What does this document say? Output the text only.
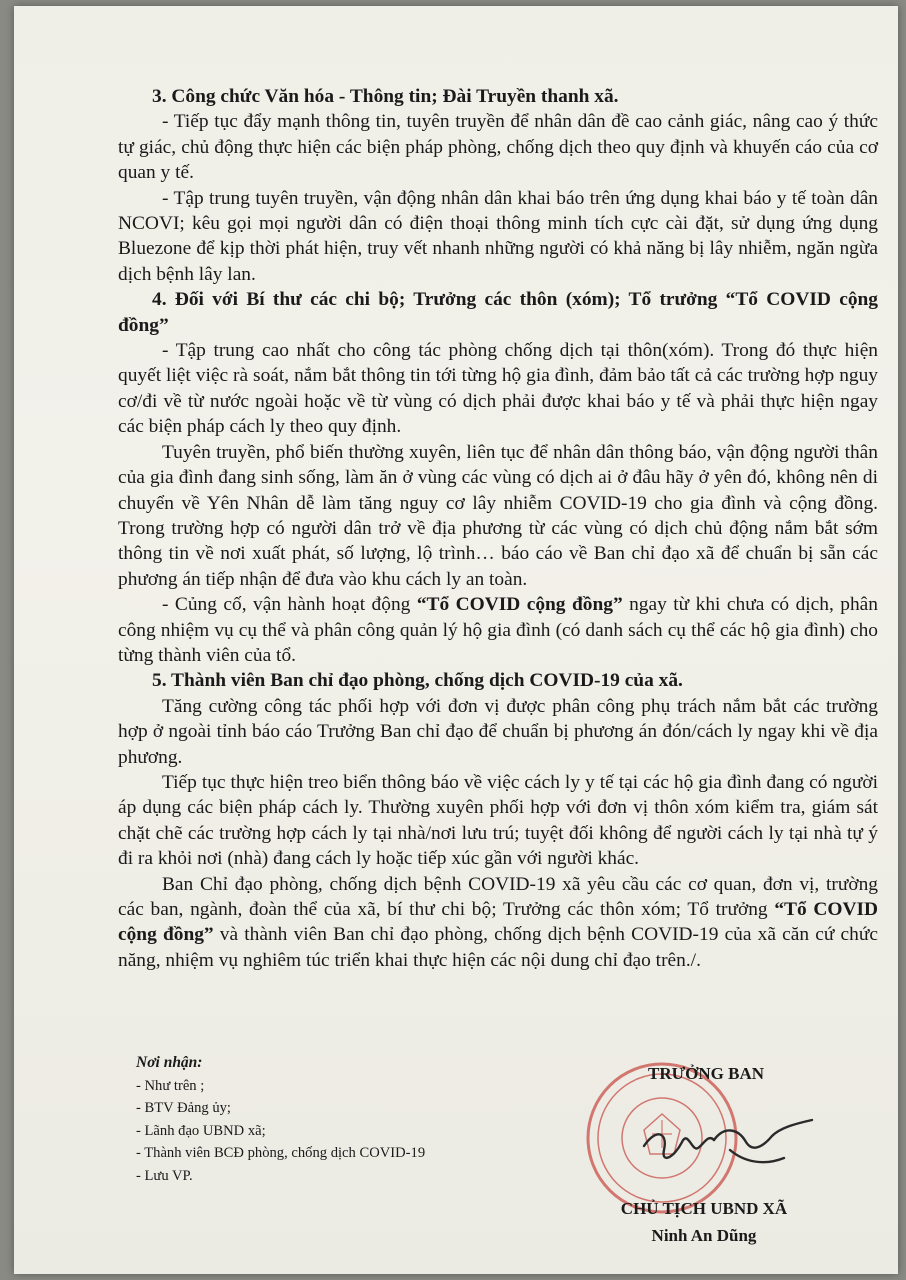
3. Công chức Văn hóa - Thông tin; Đài Truyền thanh xã.

- Tiếp tục đẩy mạnh thông tin, tuyên truyền để nhân dân đề cao cảnh giác, nâng cao ý thức tự giác, chủ động thực hiện các biện pháp phòng, chống dịch theo quy định và khuyến cáo của cơ quan y tế.

- Tập trung tuyên truyền, vận động nhân dân khai báo trên ứng dụng khai báo y tế toàn dân NCOVI; kêu gọi mọi người dân có điện thoại thông minh tích cực cài đặt, sử dụng ứng dụng Bluezone để kịp thời phát hiện, truy vết nhanh những người có khả năng bị lây nhiễm, ngăn ngừa dịch bệnh lây lan.

4. Đối với Bí thư các chi bộ; Trưởng các thôn (xóm); Tổ trưởng “Tổ COVID cộng đồng”

- Tập trung cao nhất cho công tác phòng chống dịch tại thôn(xóm). Trong đó thực hiện quyết liệt việc rà soát, nắm bắt thông tin tới từng hộ gia đình, đảm bảo tất cả các trường hợp nguy cơ/đi về từ nước ngoài hoặc về từ vùng có dịch phải được khai báo y tế và phải thực hiện ngay các biện pháp cách ly theo quy định.

Tuyên truyền, phổ biến thường xuyên, liên tục để nhân dân thông báo, vận động người thân của gia đình đang sinh sống, làm ăn ở vùng các vùng có dịch ai ở đâu hãy ở yên đó, không nên di chuyển về Yên Nhân dễ làm tăng nguy cơ lây nhiễm COVID-19 cho gia đình và cộng đồng. Trong trường hợp có người dân trở về địa phương từ các vùng có dịch chủ động nắm bắt sớm thông tin về nơi xuất phát, số lượng, lộ trình… báo cáo về Ban chỉ đạo xã để chuẩn bị sẵn các phương án tiếp nhận để đưa vào khu cách ly an toàn.

- Củng cố, vận hành hoạt động “Tổ COVID cộng đồng” ngay từ khi chưa có dịch, phân công nhiệm vụ cụ thể và phân công quản lý hộ gia đình (có danh sách cụ thể các hộ gia đình) cho từng thành viên của tổ.

5. Thành viên Ban chỉ đạo phòng, chống dịch COVID-19 của xã.

Tăng cường công tác phối hợp với đơn vị được phân công phụ trách nắm bắt các trường hợp ở ngoài tỉnh báo cáo Trưởng Ban chỉ đạo để chuẩn bị phương án đón/cách ly ngay khi về địa phương.

Tiếp tục thực hiện treo biển thông báo về việc cách ly y tế tại các hộ gia đình đang có người áp dụng các biện pháp cách ly. Thường xuyên phối hợp với đơn vị thôn xóm kiểm tra, giám sát chặt chẽ các trường hợp cách ly tại nhà/nơi lưu trú; tuyệt đối không để người cách ly tại nhà tự ý đi ra khỏi nơi (nhà) đang cách ly hoặc tiếp xúc gần với người khác.

Ban Chỉ đạo phòng, chống dịch bệnh COVID-19 xã yêu cầu các cơ quan, đơn vị, trường các ban, ngành, đoàn thể của xã, bí thư chi bộ; Trưởng các thôn xóm; Tổ trưởng “Tổ COVID cộng đồng” và thành viên Ban chỉ đạo phòng, chống dịch bệnh COVID-19 của xã căn cứ chức năng, nhiệm vụ nghiêm túc triển khai thực hiện các nội dung chỉ đạo trên./.

Nơi nhận:
- Như trên ;
- BTV Đảng ủy;
- Lãnh đạo UBND xã;
- Thành viên BCĐ phòng, chống dịch COVID-19
- Lưu VP.
TRƯỞNG BAN
CHỦ TỊCH UBND XÃ
Ninh An Dũng
